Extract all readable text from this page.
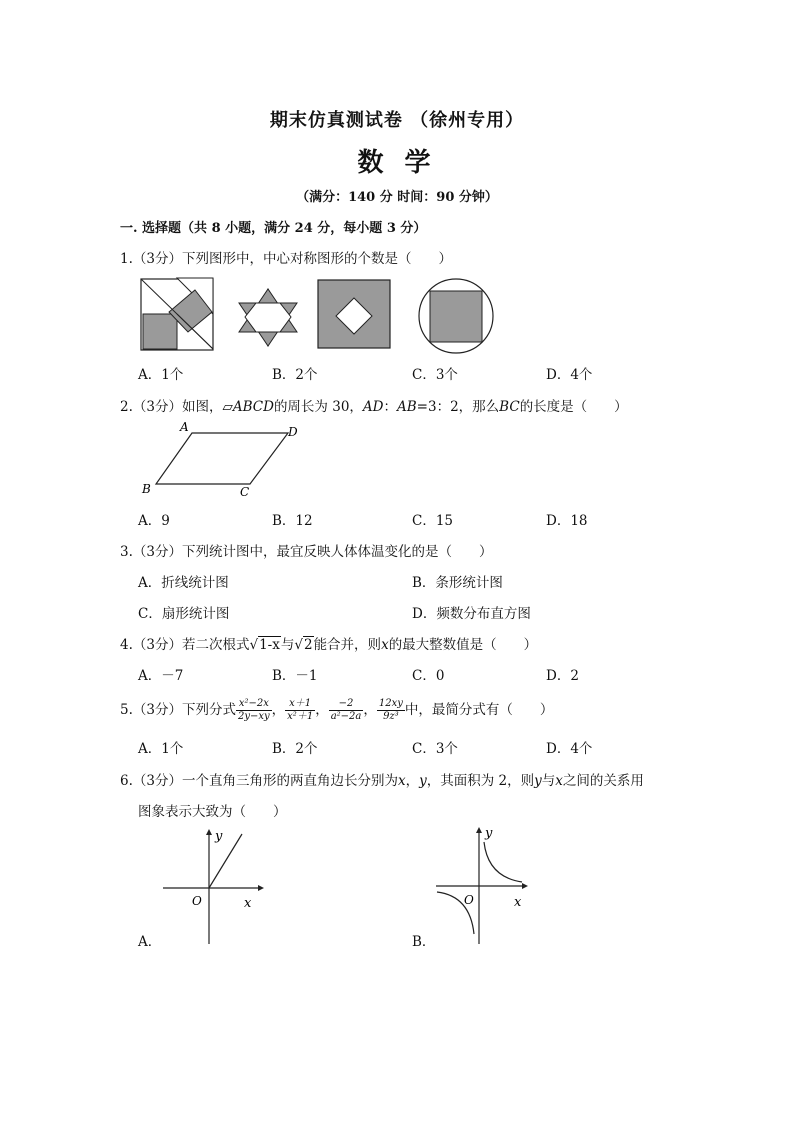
期末仿真测试卷 （徐州专用）
数 学
（满分：140 分 时间：90 分钟）
一. 选择题（共 8 小题，满分 24 分，每小题 3 分）
1.（3分）下列图形中，中心对称图形的个数是（　　）
A．1个	B．2个	C．3个	D．4个
2.（3分）如图，▱ABCD的周长为 30，AD：AB=3：2，那么BC的长度是（　　）
A	D
B	C
A．9	B．12	C．15	D．18
3.（3分）下列统计图中，最宜反映人体体温变化的是（　　）
A．折线统计图	B．条形统计图
C．扇形统计图	D．频数分布直方图
4.（3分）若二次根式√1-x与√2能合并，则x的最大整数值是（　　）
A．－7	B．－1	C．0	D．2
5.（3分）下列分式 $\frac{\text{x²−2x}}{2y-xy}$ ， $\frac{x+1}{\text{x²＋1}}$ ， $\frac{-2}{\text{a²−2a}}$ ， $\frac{12xy}{\text{9z³}}$ 中，最简分式有（　　）
A．1个	B．2个	C．3个	D．4个
6.（3分）一个直角三角形的两直角边长分别为x，y，其面积为 2，则y与x之间的关系用
图象表示大致为（　　）
y
O	x
A．
y
O	x
B．
